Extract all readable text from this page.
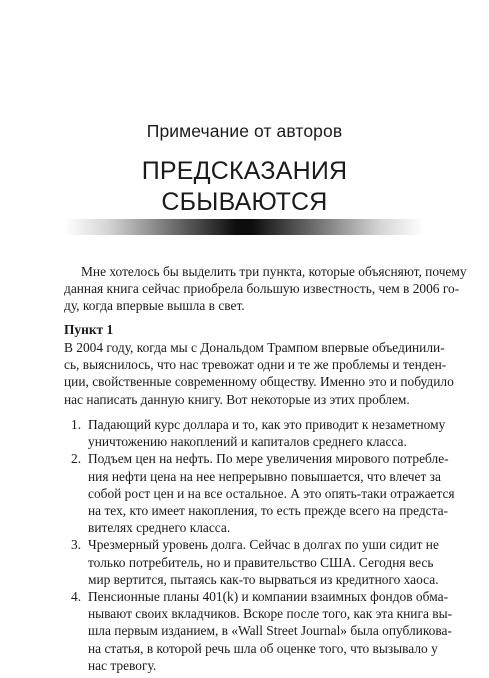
Примечание от авторов
ПРЕДСКАЗАНИЯ
СБЫВАЮТСЯ
Мне хотелось бы выделить три пункта, которые объясняют, почему
данная книга сейчас приобрела большую известность, чем в 2006 го-
ду, когда впервые вышла в свет.
Пункт 1
В 2004 году, когда мы с Дональдом Трампом впервые объединили-
сь, выяснилось, что нас тревожат одни и те же проблемы и тенден-
ции, свойственные современному обществу. Именно это и побудило
нас написать данную книгу. Вот некоторые из этих проблем.
1. Падающий курс доллара и то, как это приводит к незаметному
уничтожению накоплений и капиталов среднего класса.
2. Подъем цен на нефть. По мере увеличения мирового потребле-
ния нефти цена на нее непрерывно повышается, что влечет за
собой рост цен и на все остальное. А это опять-таки отражается
на тех, кто имеет накопления, то есть прежде всего на предста-
вителях среднего класса.
3. Чрезмерный уровень долга. Сейчас в долгах по уши сидит не
только потребитель, но и правительство США. Сегодня весь
мир вертится, пытаясь как-то вырваться из кредитного хаоса.
4. Пенсионные планы 401(k) и компании взаимных фондов обма-
нывают своих вкладчиков. Вскоре после того, как эта книга вы-
шла первым изданием, в «Wall Street Journal» была опубликова-
на статья, в которой речь шла об оценке того, что вызывало у
нас тревогу.
